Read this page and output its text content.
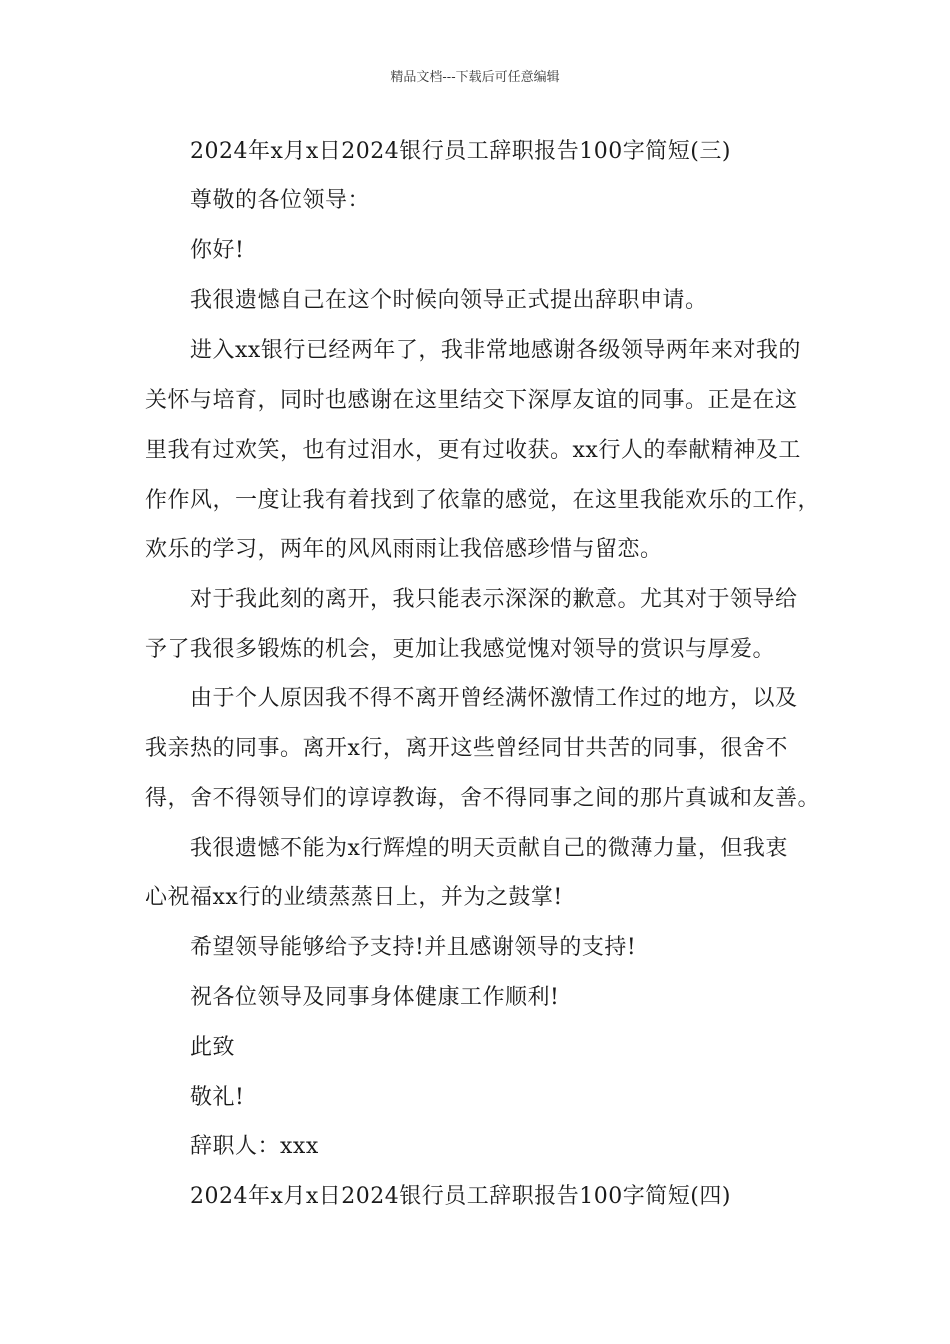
精品文档---下载后可任意编辑
2024年x月x日2024银行员工辞职报告100字简短(三)
尊敬的各位领导：
你好!
我很遗憾自己在这个时候向领导正式提出辞职申请。
进入xx银行已经两年了，我非常地感谢各级领导两年来对我的
关怀与培育，同时也感谢在这里结交下深厚友谊的同事。正是在这
里我有过欢笑，也有过泪水，更有过收获。xx行人的奉献精神及工
作作风，一度让我有着找到了依靠的感觉，在这里我能欢乐的工作，
欢乐的学习，两年的风风雨雨让我倍感珍惜与留恋。
对于我此刻的离开，我只能表示深深的歉意。尤其对于领导给
予了我很多锻炼的机会，更加让我感觉愧对领导的赏识与厚爱。
由于个人原因我不得不离开曾经满怀激情工作过的地方，以及
我亲热的同事。离开x行，离开这些曾经同甘共苦的同事，很舍不
得，舍不得领导们的谆谆教诲，舍不得同事之间的那片真诚和友善。
我很遗憾不能为x行辉煌的明天贡献自己的微薄力量，但我衷
心祝福xx行的业绩蒸蒸日上，并为之鼓掌!
希望领导能够给予支持!并且感谢领导的支持!
祝各位领导及同事身体健康工作顺利!
此致
敬礼!
辞职人：xxx
2024年x月x日2024银行员工辞职报告100字简短(四)
